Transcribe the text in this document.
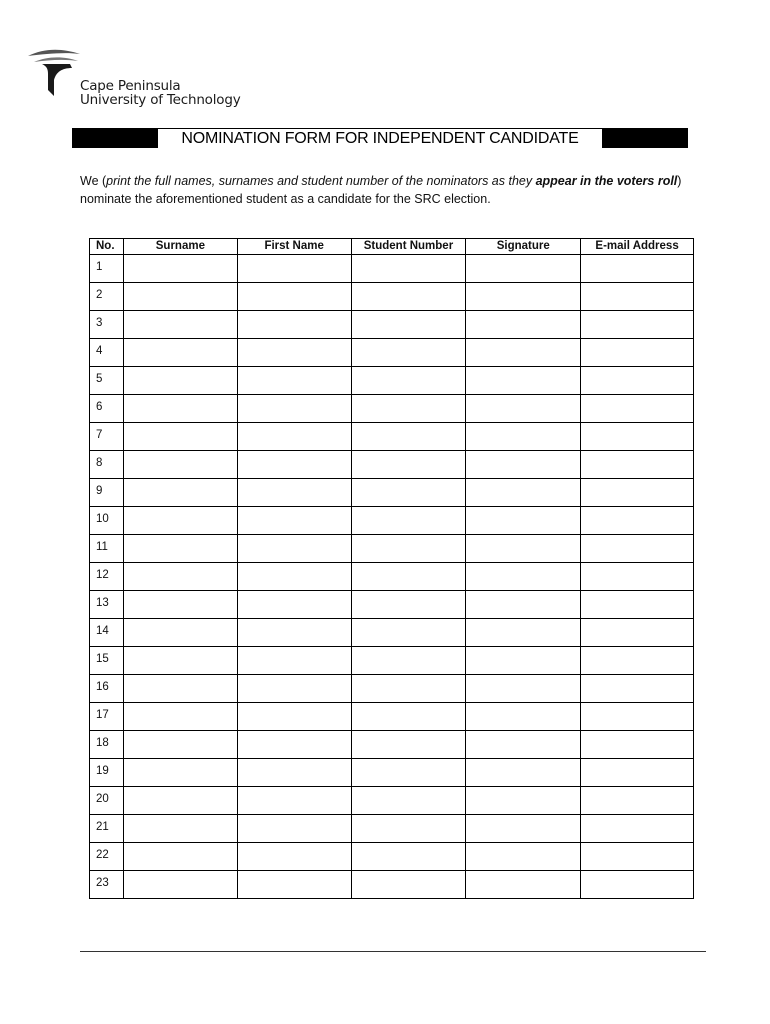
Cape Peninsula
University of Technology
NOMINATION FORM FOR INDEPENDENT CANDIDATE
We (print the full names, surnames and student number of the nominators as they appear in the voters roll)
nominate the aforementioned student as a candidate for the SRC election.
No.	Surname	First Name	Student Number	Signature	E-mail Address
1					
2					
3					
4					
5					
6					
7					
8					
9					
10					
11					
12					
13					
14					
15					
16					
17					
18					
19					
20					
21					
22					
23					
